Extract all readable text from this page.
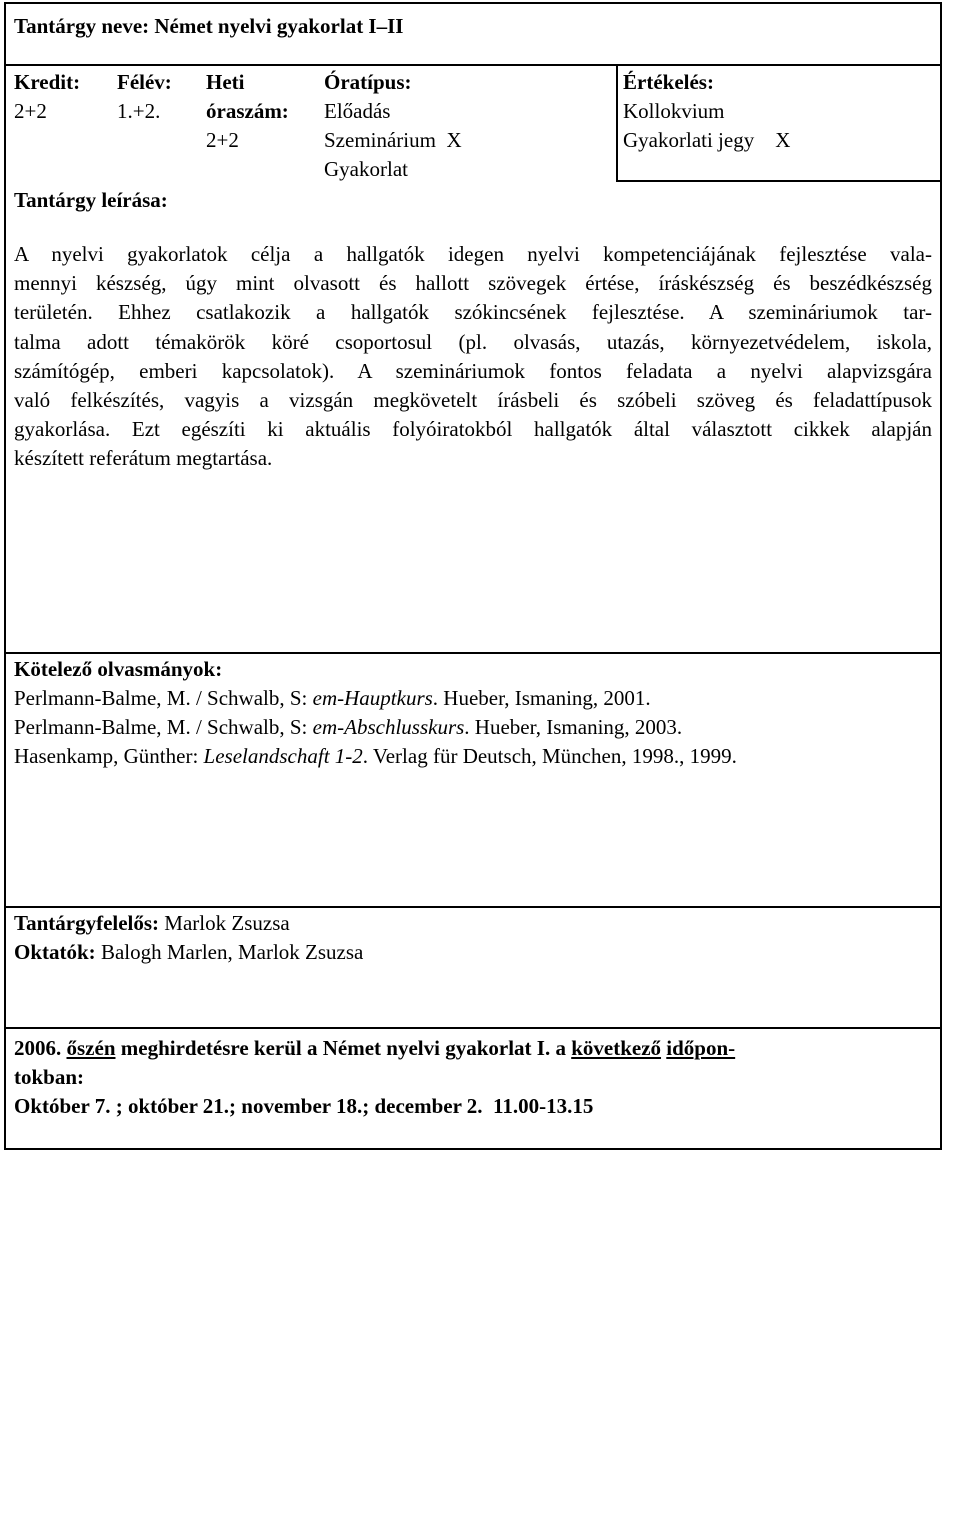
Tantárgy neve: Német nyelvi gyakorlat I–II
Kredit:
2+2
Félév:
1.+2.
Heti
óraszám:
2+2
Óratípus:
Előadás
Szeminárium  X
Gyakorlat
Értékelés:
Kollokvium
Gyakorlati jegy    X
Tantárgy leírása:
A nyelvi gyakorlatok célja a hallgatók idegen nyelvi kompetenciájának fejlesztése vala-
mennyi készség, úgy mint olvasott és hallott szövegek értése, íráskészség és beszédkészség
területén. Ehhez csatlakozik a hallgatók szókincsének fejlesztése. A szemináriumok tar-
talma adott témakörök köré csoportosul (pl. olvasás, utazás, környezetvédelem, iskola,
számítógép, emberi kapcsolatok). A szemináriumok fontos feladata a nyelvi alapvizsgára
való felkészítés, vagyis a vizsgán megkövetelt írásbeli és szóbeli szöveg és feladattípusok
gyakorlása. Ezt egészíti ki aktuális folyóiratokból hallgatók által választott cikkek alapján
készített referátum megtartása.
Kötelező olvasmányok:
Perlmann-Balme, M. / Schwalb, S: em-Hauptkurs. Hueber, Ismaning, 2001.
Perlmann-Balme, M. / Schwalb, S: em-Abschlusskurs. Hueber, Ismaning, 2003.
Hasenkamp, Günther: Leselandschaft 1-2. Verlag für Deutsch, München, 1998., 1999.
Tantárgyfelelős: Marlok Zsuzsa
Oktatók: Balogh Marlen, Marlok Zsuzsa
2006. őszén meghirdetésre kerül a Német nyelvi gyakorlat I. a következő időpon-
tokban:
Október 7. ; október 21.; november 18.; december 2.  11.00-13.15
